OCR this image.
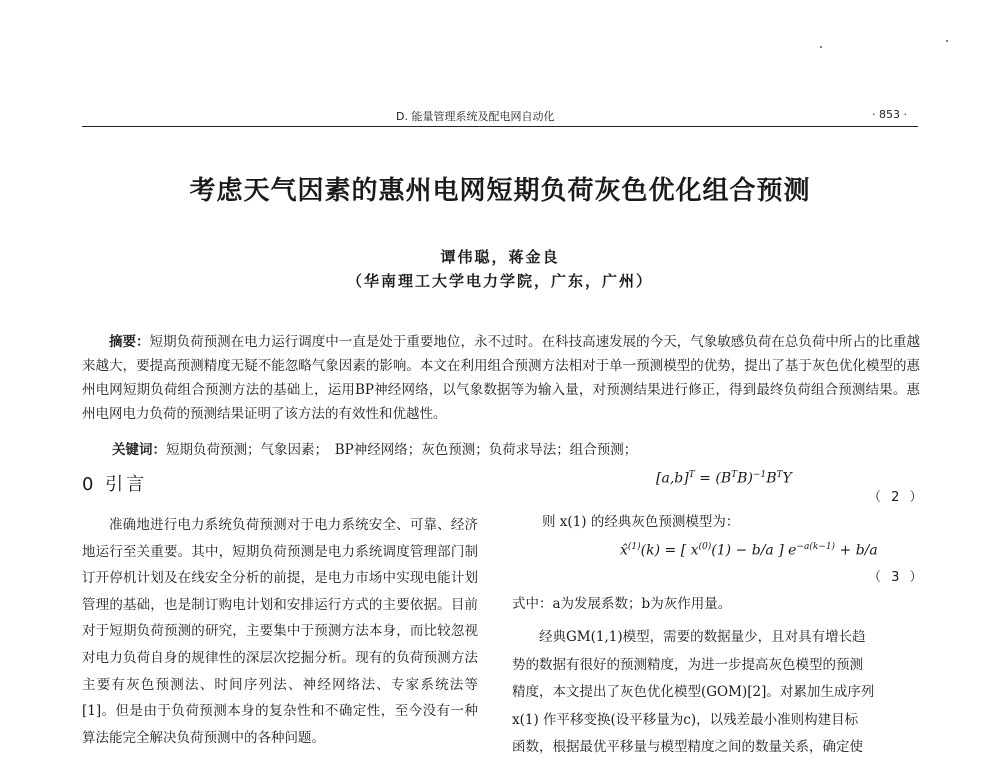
D. 能量管理系统及配电网自动化	· 853 ·
考虑天气因素的惠州电网短期负荷灰色优化组合预测
谭伟聪，蒋金良
（华南理工大学电力学院，广东，广州）
摘要：短期负荷预测在电力运行调度中一直是处于重要地位，永不过时。在科技高速发展的今天，气象敏感负荷在总负荷中所占的比重越来越大，要提高预测精度无疑不能忽略气象因素的影响。本文在利用组合预测方法相对于单一预测模型的优势，提出了基于灰色优化模型的惠州电网短期负荷组合预测方法的基础上，运用BP神经网络，以气象数据等为输入量，对预测结果进行修正，得到最终负荷组合预测结果。惠州电网电力负荷的预测结果证明了该方法的有效性和优越性。
关键词：短期负荷预测；气象因素；　BP神经网络；灰色预测；负荷求导法；组合预测；
0 引言

准确地进行电力系统负荷预测对于电力系统安全、可靠、经济地运行至关重要。其中，短期负荷预测是电力系统调度管理部门制订开停机计划及在线安全分析的前提，是电力市场中实现电能计划管理的基础，也是制订购电计划和安排运行方式的主要依据。目前对于短期负荷预测的研究，主要集中于预测方法本身，而比较忽视对电力负荷自身的规律性的深层次挖掘分析。现有的负荷预测方法主要有灰色预测法、时间序列法、神经网络法、专家系统法等[1]。但是由于负荷预测本身的复杂性和不确定性，至今没有一种算法能完全解决负荷预测中的各种问题。

$[a,b]^T = (B^TB)^{-1}B^TY$
（ 2 ）
则 x(1) 的经典灰色预测模型为：
x̂$^{(1)}$(k) = [ $x^{(0)}(1) - b/a$ ] $e^{-a(k-1)} + b/a$
（ 3 ）
式中：a为发展系数；b为灰作用量。

经典GM(1,1)模型，需要的数据量少，且对具有增长趋

势的数据有很好的预测精度，为进一步提高灰色模型的预测

精度，本文提出了灰色优化模型(GOM)[2]。对累加生成序列

x(1) 作平移变换(设平移量为c)，以残差最小准则构建目标

函数，根据最优平移量与模型精度之间的数量关系，确定使
